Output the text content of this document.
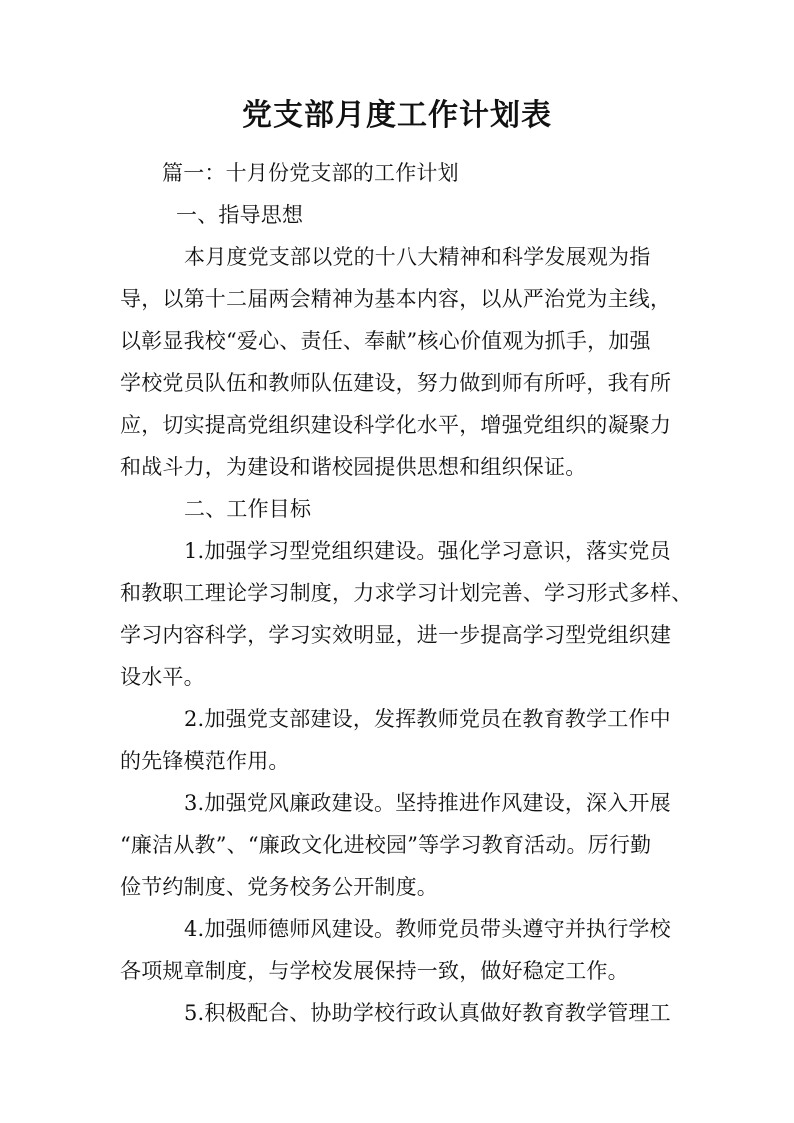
党支部月度工作计划表
篇一：十月份党支部的工作计划
一、指导思想
本月度党支部以党的十八大精神和科学发展观为指
导，以第十二届两会精神为基本内容，以从严治党为主线，
以彰显我校“爱心、责任、奉献”核心价值观为抓手，加强
学校党员队伍和教师队伍建设，努力做到师有所呼，我有所
应，切实提高党组织建设科学化水平，增强党组织的凝聚力
和战斗力，为建设和谐校园提供思想和组织保证。
二、工作目标
1.加强学习型党组织建设。强化学习意识，落实党员
和教职工理论学习制度，力求学习计划完善、学习形式多样、
学习内容科学，学习实效明显，进一步提高学习型党组织建
设水平。
2.加强党支部建设，发挥教师党员在教育教学工作中
的先锋模范作用。
3.加强党风廉政建设。坚持推进作风建设，深入开展
“廉洁从教”、“廉政文化进校园”等学习教育活动。厉行勤
俭节约制度、党务校务公开制度。
4.加强师德师风建设。教师党员带头遵守并执行学校
各项规章制度，与学校发展保持一致，做好稳定工作。
5.积极配合、协助学校行政认真做好教育教学管理工
